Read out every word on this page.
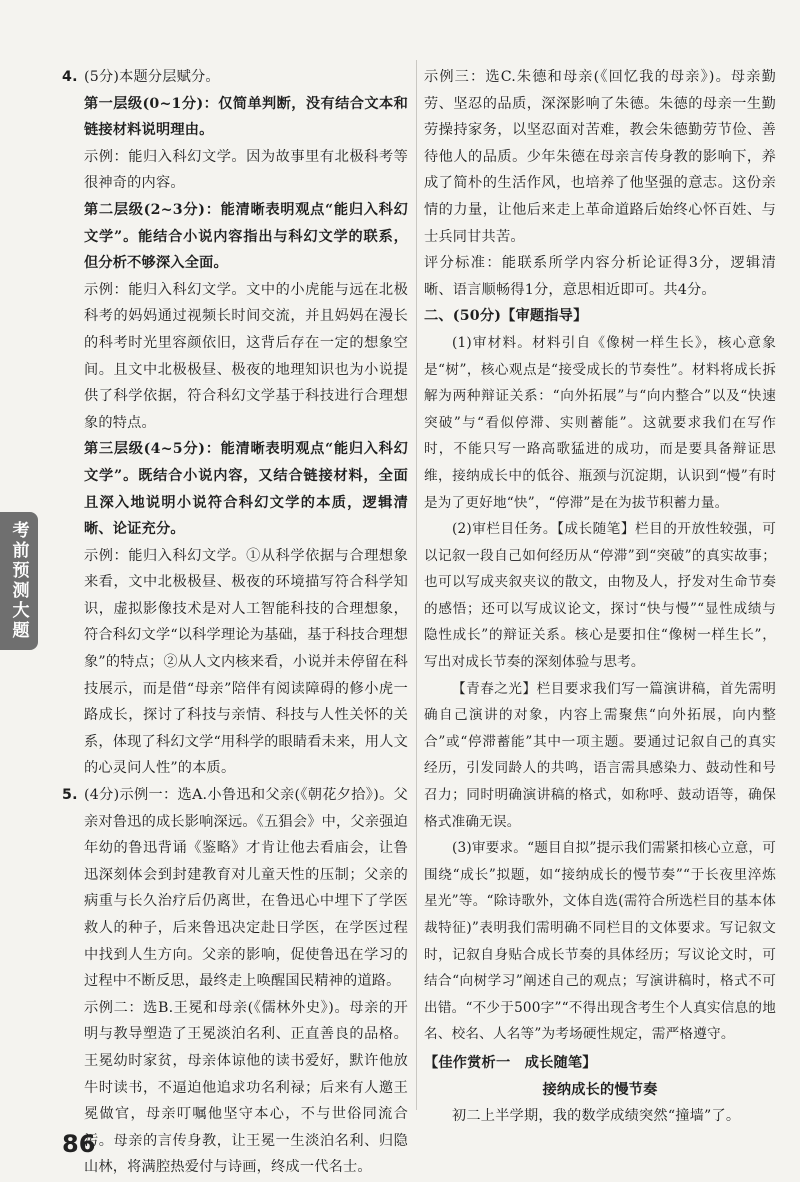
4. (5分)本题分层赋分。

第一层级(0~1分)：仅简单判断，没有结合文本和链接材料说明理由。

示例：能归入科幻文学。因为故事里有北极科考等很神奇的内容。

第二层级(2~3分)：能清晰表明观点“能归入科幻文学”。能结合小说内容指出与科幻文学的联系，但分析不够深入全面。

示例：能归入科幻文学。文中的小虎能与远在北极科考的妈妈通过视频长时间交流，并且妈妈在漫长的科考时光里容颜依旧，这背后存在一定的想象空间。且文中北极极昼、极夜的地理知识也为小说提供了科学依据，符合科幻文学基于科技进行合理想象的特点。

第三层级(4~5分)：能清晰表明观点“能归入科幻文学”。既结合小说内容，又结合链接材料，全面且深入地说明小说符合科幻文学的本质，逻辑清晰、论证充分。

示例：能归入科幻文学。①从科学依据与合理想象来看，文中北极极昼、极夜的环境描写符合科学知识，虚拟影像技术是对人工智能科技的合理想象，符合科幻文学“以科学理论为基础，基于科技合理想象”的特点；②从人文内核来看，小说并未停留在科技展示，而是借“母亲”陪伴有阅读障碍的修小虎一路成长，探讨了科技与亲情、科技与人性关怀的关系，体现了科幻文学“用科学的眼睛看未来，用人文的心灵问人性”的本质。

5. (4分)示例一：选A.小鲁迅和父亲(《朝花夕拾》)。父亲对鲁迅的成长影响深远。《五猖会》中，父亲强迫年幼的鲁迅背诵《鉴略》才肯让他去看庙会，让鲁迅深刻体会到封建教育对儿童天性的压制；父亲的病重与长久治疗后仍离世，在鲁迅心中埋下了学医救人的种子，后来鲁迅决定赴日学医，在学医过程中找到人生方向。父亲的影响，促使鲁迅在学习的过程中不断反思，最终走上唤醒国民精神的道路。

示例二：选B.王冕和母亲(《儒林外史》)。母亲的开明与教导塑造了王冕淡泊名利、正直善良的品格。王冕幼时家贫，母亲体谅他的读书爱好，默许他放牛时读书，不逼迫他追求功名利禄；后来有人邀王冕做官，母亲叮嘱他坚守本心，不与世俗同流合污。母亲的言传身教，让王冕一生淡泊名利、归隐山林，将满腔热爱付与诗画，终成一代名士。

示例三：选C.朱德和母亲(《回忆我的母亲》)。母亲勤劳、坚忍的品质，深深影响了朱德。朱德的母亲一生勤劳操持家务，以坚忍面对苦难，教会朱德勤劳节俭、善待他人的品质。少年朱德在母亲言传身教的影响下，养成了简朴的生活作风，也培养了他坚强的意志。这份亲情的力量，让他后来走上革命道路后始终心怀百姓、与士兵同甘共苦。

评分标准：能联系所学内容分析论证得3分，逻辑清晰、语言顺畅得1分，意思相近即可。共4分。

二、(50分)【审题指导】

(1)审材料。材料引自《像树一样生长》，核心意象是“树”，核心观点是“接受成长的节奏性”。材料将成长拆解为两种辩证关系：“向外拓展”与“向内整合”以及“快速突破”与“看似停滞、实则蓄能”。这就要求我们在写作时，不能只写一路高歌猛进的成功，而是要具备辩证思维，接纳成长中的低谷、瓶颈与沉淀期，认识到“慢”有时是为了更好地“快”，“停滞”是在为拔节积蓄力量。

(2)审栏目任务。【成长随笔】栏目的开放性较强，可以记叙一段自己如何经历从“停滞”到“突破”的真实故事；也可以写成夹叙夹议的散文，由物及人，抒发对生命节奏的感悟；还可以写成议论文，探讨“快与慢”“显性成绩与隐性成长”的辩证关系。核心是要扣住“像树一样生长”，写出对成长节奏的深刻体验与思考。

【青春之光】栏目要求我们写一篇演讲稿，首先需明确自己演讲的对象，内容上需聚焦“向外拓展，向内整合”或“停滞蓄能”其中一项主题。要通过记叙自己的真实经历，引发同龄人的共鸣，语言需具感染力、鼓动性和号召力；同时明确演讲稿的格式，如称呼、鼓动语等，确保格式准确无误。

(3)审要求。“题目自拟”提示我们需紧扣核心立意，可围绕“成长”拟题，如“接纳成长的慢节奏”“于长夜里淬炼星光”等。“除诗歌外，文体自选(需符合所选栏目的基本体裁特征)”表明我们需明确不同栏目的文体要求。写记叙文时，记叙自身贴合成长节奏的具体经历；写议论文时，可结合“向树学习”阐述自己的观点；写演讲稿时，格式不可出错。“不少于500字”“不得出现含考生个人真实信息的地名、校名、人名等”为考场硬性规定，需严格遵守。

【佳作赏析一　成长随笔】

接纳成长的慢节奏

初二上半学期，我的数学成绩突然“撞墙”了。

考前预测大题
86
